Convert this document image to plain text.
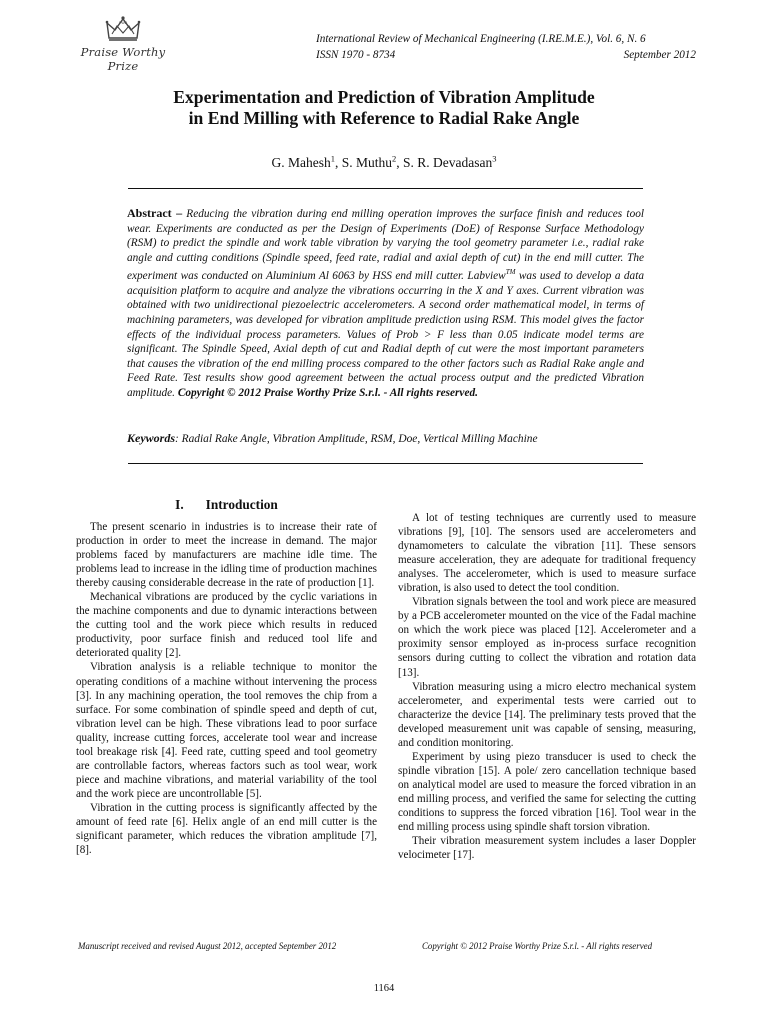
PWP
Praise Worthy Prize
International Review of Mechanical Engineering (I.RE.M.E.), Vol. 6, N. 6
ISSN 1970 - 8734	September 2012
Experimentation and Prediction of Vibration Amplitude
in End Milling with Reference to Radial Rake Angle
G. Mahesh$^1$, S. Muthu$^2$, S. R. Devadasan$^3$
Abstract – Reducing the vibration during end milling operation improves the surface finish and reduces tool wear. Experiments are conducted as per the Design of Experiments (DoE) of Response Surface Methodology (RSM) to predict the spindle and work table vibration by varying the tool geometry parameter i.e., radial rake angle and cutting conditions (Spindle speed, feed rate, radial and axial depth of cut) in the end mill cutter. The experiment was conducted on Aluminium Al 6063 by HSS end mill cutter. Labview™ was used to develop a data acquisition platform to acquire and analyze the vibrations occurring in the X and Y axes. Current vibration was obtained with two unidirectional piezoelectric accelerometers. A second order mathematical model, in terms of machining parameters, was developed for vibration amplitude prediction using RSM. This model gives the factor effects of the individual process parameters. Values of Prob > F less than 0.05 indicate model terms are significant. The Spindle Speed, Axial depth of cut and Radial depth of cut were the most important parameters that causes the vibration of the end milling process compared to the other factors such as Radial Rake angle and Feed Rate. Test results show good agreement between the actual process output and the predicted Vibration amplitude. Copyright © 2012 Praise Worthy Prize S.r.l. - All rights reserved.
Keywords: Radial Rake Angle, Vibration Amplitude, RSM, Doe, Vertical Milling Machine
I. Introduction

The present scenario in industries is to increase their rate of production in order to meet the increase in demand. The major problems faced by manufacturers are machine idle time. The problems lead to increase in the idling time of production machines thereby causing considerable decrease in the rate of production [1].

Mechanical vibrations are produced by the cyclic variations in the machine components and due to dynamic interactions between the cutting tool and the work piece which results in reduced productivity, poor surface finish and reduced tool life and deteriorated quality [2].

Vibration analysis is a reliable technique to monitor the operating conditions of a machine without intervening the process [3]. In any machining operation, the tool removes the chip from a surface. For some combination of spindle speed and depth of cut, vibration level can be high. These vibrations lead to poor surface quality, increase cutting forces, accelerate tool wear and increase tool breakage risk [4]. Feed rate, cutting speed and tool geometry are controllable factors, whereas factors such as tool wear, work piece and machine vibrations, and material variability of the tool and the work piece are uncontrollable [5].

Vibration in the cutting process is significantly affected by the amount of feed rate [6]. Helix angle of an end mill cutter is the significant parameter, which reduces the vibration amplitude [7], [8].

A lot of testing techniques are currently used to measure vibrations [9], [10]. The sensors used are accelerometers and dynamometers to calculate the vibration [11]. These sensors measure acceleration, they are adequate for traditional frequency analyses. The accelerometer, which is used to measure surface vibration, is also used to detect the tool condition.

Vibration signals between the tool and work piece are measured by a PCB accelerometer mounted on the vice of the Fadal machine on which the work piece was placed [12]. Accelerometer and a proximity sensor employed as in-process surface recognition sensors during cutting to collect the vibration and rotation data [13].

Vibration measuring using a micro electro mechanical system accelerometer, and experimental tests were carried out to characterize the device [14]. The preliminary tests proved that the developed measurement unit was capable of sensing, measuring, and condition monitoring.

Experiment by using piezo transducer is used to check the spindle vibration [15]. A pole/ zero cancellation technique based on analytical model are used to measure the forced vibration in an end milling process, and verified the same for selecting the cutting conditions to suppress the forced vibration [16]. Tool wear in the end milling process using spindle shaft torsion vibration.

Their vibration measurement system includes a laser Doppler velocimeter [17].

Manuscript received and revised August 2012, accepted September 2012	Copyright © 2012 Praise Worthy Prize S.r.l. - All rights reserved
1164
